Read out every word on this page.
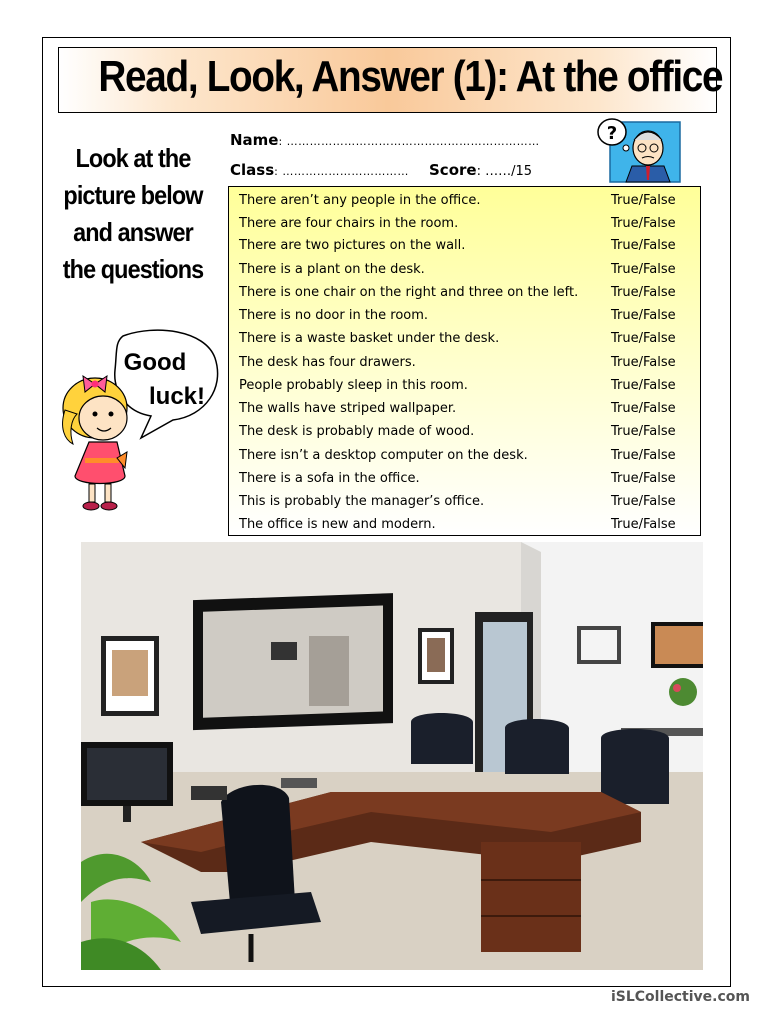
Read, Look, Answer (1): At the office
Look at the
picture below
and answer
the questions
Good
luck!
Name: …………………………………………………………
Class: …………………………… Score: ……/15
?
There aren’t any people in the office.	True/False
There are four chairs in the room.	True/False
There are two pictures on the wall.	True/False
There is a plant on the desk.	True/False
There is one chair on the right and three on the left.	True/False
There is no door in the room.	True/False
There is a waste basket under the desk.	True/False
The desk has four drawers.	True/False
People probably sleep in this room.	True/False
The walls have striped wallpaper.	True/False
The desk is probably made of wood.	True/False
There isn’t a desktop computer on the desk.	True/False
There is a sofa in the office.	True/False
This is probably the manager’s office.	True/False
The office is new and modern.	True/False
iSLCollective.com
